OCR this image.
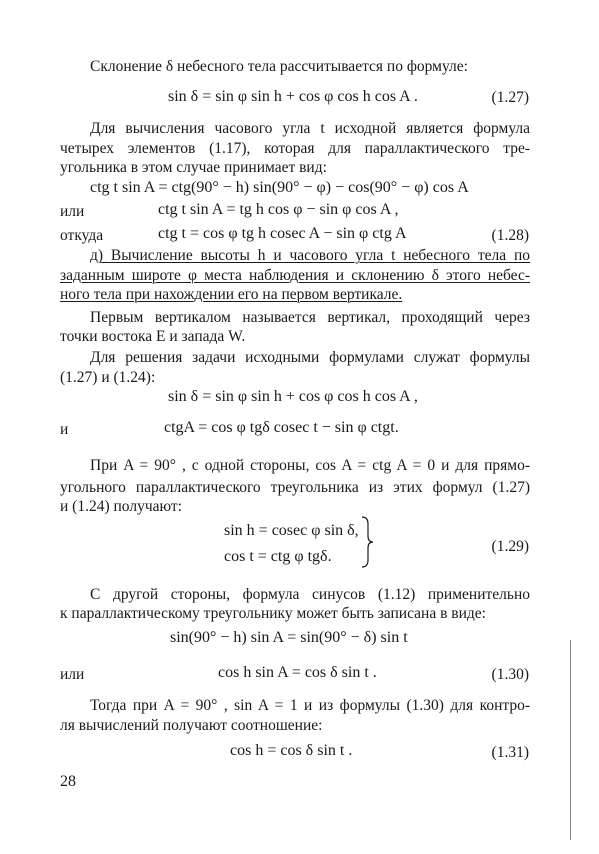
Склонение δ небесного тела рассчитывается по формуле:
sin δ = sin φ sin h + cos φ cos h cos A .	(1.27)
Для вычисления часового угла t исходной является формула
четырех элементов (1.17), которая для параллактического тре-
угольника в этом случае принимает вид:
ctg t sin A = ctg(90° − h) sin(90° − φ) − cos(90° − φ) cos A
или	ctg t sin A = tg h cos φ − sin φ cos A ,
откуда	ctg t = cos φ tg h cosec A − sin φ ctg A	(1.28)
д) Вычисление высоты h и часового угла t небесного тела по
заданным широте φ места наблюдения и склонению δ этого небес-
ного тела при нахождении его на первом вертикале.
Первым вертикалом называется вертикал, проходящий через
точки востока E и запада W.
Для решения задачи исходными формулами служат формулы
(1.27) и (1.24):
sin δ = sin φ sin h + cos φ cos h cos A ,
и	ctgA = cos φ tgδ cosec t − sin φ ctgt.
При A = 90° , с одной стороны, cos A = ctg A = 0 и для прямо-
угольного параллактического треугольника из этих формул (1.27)
и (1.24) получают:
sin h = cosec φ sin δ,
cos t = ctg φ tgδ.
(1.29)
С другой стороны, формула синусов (1.12) применительно
к параллактическому треугольнику может быть записана в виде:
sin(90° − h) sin A = sin(90° − δ) sin t
или	cos h sin A = cos δ sin t .	(1.30)
Тогда при A = 90° , sin A = 1 и из формулы (1.30) для контро-
ля вычислений получают соотношение:
cos h = cos δ sin t .	(1.31)
28
